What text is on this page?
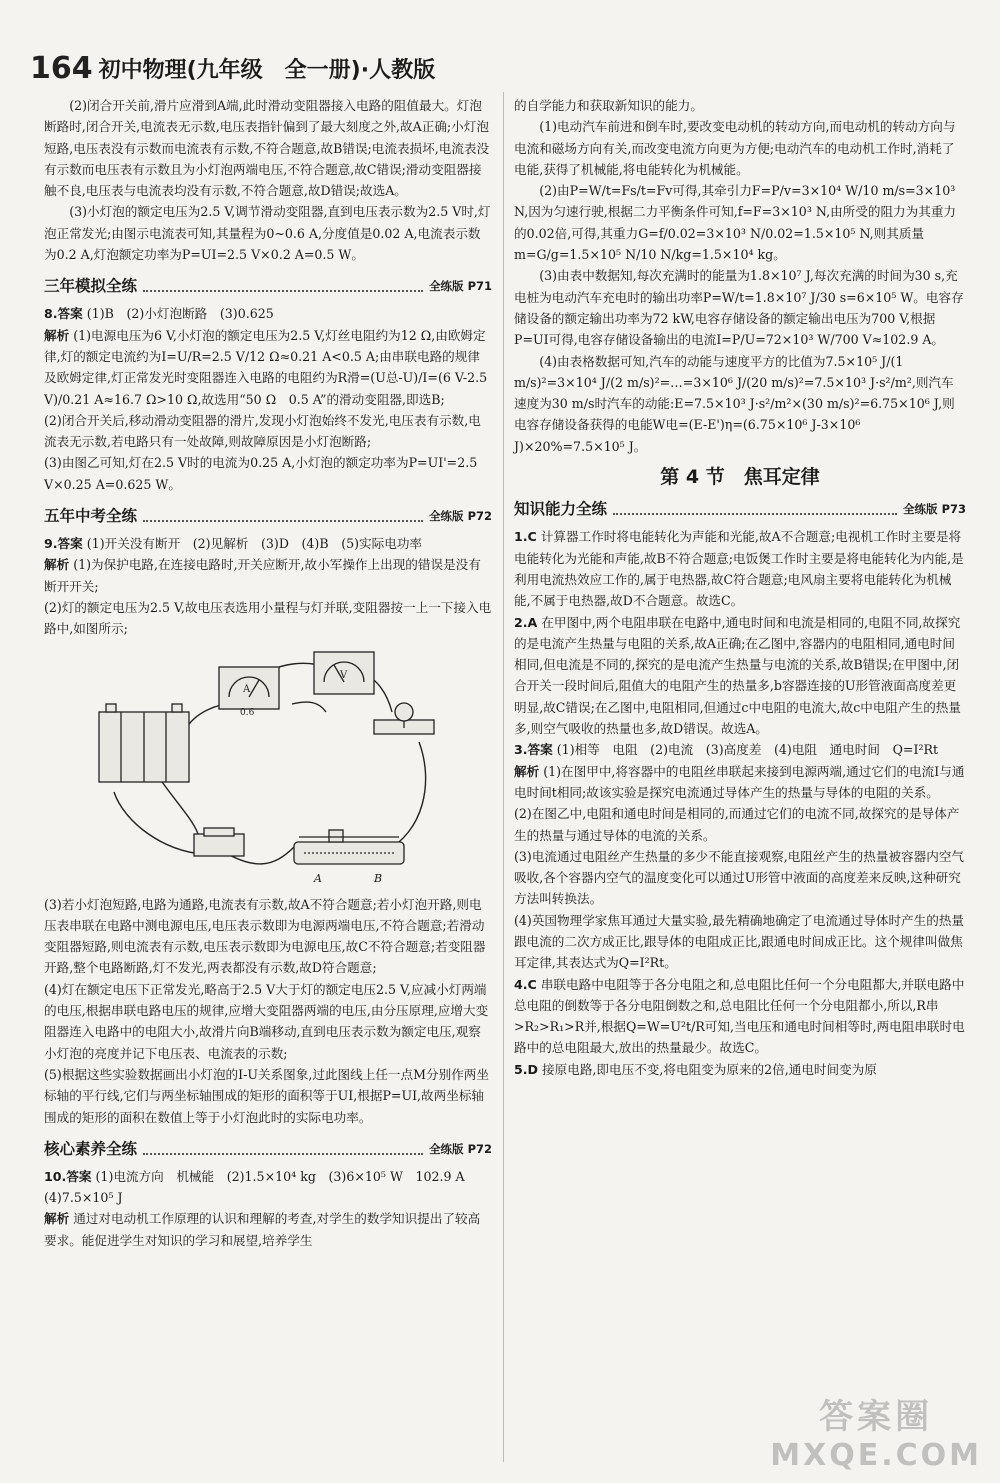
164 初中物理(九年级　全一册)·人教版

(2)闭合开关前,滑片应滑到A端,此时滑动变阻器接入电路的阻值最大。灯泡断路时,闭合开关,电流表无示数,电压表指针偏到了最大刻度之外,故A正确;小灯泡短路,电压表没有示数而电流表有示数,不符合题意,故B错误;电流表损坏,电流表没有示数而电压表有示数且为小灯泡两端电压,不符合题意,故C错误;滑动变阻器接触不良,电压表与电流表均没有示数,不符合题意,故D错误;故选A。

(3)小灯泡的额定电压为2.5 V,调节滑动变阻器,直到电压表示数为2.5 V时,灯泡正常发光;由图示电流表可知,其量程为0~0.6 A,分度值是0.02 A,电流表示数为0.2 A,灯泡额定功率为P=UI=2.5 V×0.2 A=0.5 W。

三年模拟全练	全练版 P71

8.答案 (1)B　(2)小灯泡断路　(3)0.625

解析 (1)电源电压为6 V,小灯泡的额定电压为2.5 V,灯丝电阻约为12 Ω,由欧姆定律,灯的额定电流约为I=U/R=2.5 V/12 Ω≈0.21 A<0.5 A;由串联电路的规律及欧姆定律,灯正常发光时变阻器连入电路的电阻约为R滑=(U总-U)/I=(6 V-2.5 V)/0.21 A≈16.7 Ω>10 Ω,故选用“50 Ω　0.5 A”的滑动变阻器,即选B;

(2)闭合开关后,移动滑动变阻器的滑片,发现小灯泡始终不发光,电压表有示数,电流表无示数,若电路只有一处故障,则故障原因是小灯泡断路;

(3)由图乙可知,灯在2.5 V时的电流为0.25 A,小灯泡的额定功率为P=UI'=2.5 V×0.25 A=0.625 W。

五年中考全练	全练版 P72

9.答案 (1)开关没有断开　(2)见解析　(3)D　(4)B　(5)实际电功率

解析 (1)为保护电路,在连接电路时,开关应断开,故小军操作上出现的错误是没有断开开关;

(2)灯的额定电压为2.5 V,故电压表选用小量程与灯并联,变阻器按一上一下接入电路中,如图所示;

A
0.6
V
A	B

(3)若小灯泡短路,电路为通路,电流表有示数,故A不符合题意;若小灯泡开路,则电压表串联在电路中测电源电压,电压表示数即为电源两端电压,不符合题意;若滑动变阻器短路,则电流表有示数,电压表示数即为电源电压,故C不符合题意;若变阻器开路,整个电路断路,灯不发光,两表都没有示数,故D符合题意;

(4)灯在额定电压下正常发光,略高于2.5 V大于灯的额定电压2.5 V,应减小灯两端的电压,根据串联电路电压的规律,应增大变阻器两端的电压,由分压原理,应增大变阻器连入电路中的电阻大小,故滑片向B端移动,直到电压表示数为额定电压,观察小灯泡的亮度并记下电压表、电流表的示数;

(5)根据这些实验数据画出小灯泡的I-U关系图象,过此图线上任一点M分别作两坐标轴的平行线,它们与两坐标轴围成的矩形的面积等于UI,根据P=UI,故两坐标轴围成的矩形的面积在数值上等于小灯泡此时的实际电功率。

核心素养全练	全练版 P72

10.答案 (1)电流方向　机械能　(2)1.5×10⁴ kg　(3)6×10⁵ W　102.9 A　(4)7.5×10⁵ J

解析 通过对电动机工作原理的认识和理解的考查,对学生的数学知识提出了较高要求。能促进学生对知识的学习和展望,培养学生

的自学能力和获取新知识的能力。

(1)电动汽车前进和倒车时,要改变电动机的转动方向,而电动机的转动方向与电流和磁场方向有关,而改变电流方向更为方便;电动汽车的电动机工作时,消耗了电能,获得了机械能,将电能转化为机械能。

(2)由P=W/t=Fs/t=Fv可得,其牵引力F=P/v=3×10⁴ W/10 m/s=3×10³ N,因为匀速行驶,根据二力平衡条件可知,f=F=3×10³ N,由所受的阻力为其重力的0.02倍,可得,其重力G=f/0.02=3×10³ N/0.02=1.5×10⁵ N,则其质量m=G/g=1.5×10⁵ N/10 N/kg=1.5×10⁴ kg。

(3)由表中数据知,每次充满时的能量为1.8×10⁷ J,每次充满的时间为30 s,充电桩为电动汽车充电时的输出功率P=W/t=1.8×10⁷ J/30 s=6×10⁵ W。电容存储设备的额定输出功率为72 kW,电容存储设备的额定输出电压为700 V,根据P=UI可得,电容存储设备输出的电流I=P/U=72×10³ W/700 V≈102.9 A。

(4)由表格数据可知,汽车的动能与速度平方的比值为7.5×10⁵ J/(1 m/s)²=3×10⁴ J/(2 m/s)²=…=3×10⁶ J/(20 m/s)²=7.5×10³ J·s²/m²,则汽车速度为30 m/s时汽车的动能:E=7.5×10³ J·s²/m²×(30 m/s)²=6.75×10⁶ J,则电容存储设备获得的电能W电=(E-E')η=(6.75×10⁶ J-3×10⁶ J)×20%=7.5×10⁵ J。

第 4 节　焦耳定律
知识能力全练	全练版 P73

1.C 计算器工作时将电能转化为声能和光能,故A不合题意;电视机工作时主要是将电能转化为光能和声能,故B不符合题意;电饭煲工作时主要是将电能转化为内能,是利用电流热效应工作的,属于电热器,故C符合题意;电风扇主要将电能转化为机械能,不属于电热器,故D不合题意。故选C。

2.A 在甲图中,两个电阻串联在电路中,通电时间和电流是相同的,电阻不同,故探究的是电流产生热量与电阻的关系,故A正确;在乙图中,容器内的电阻相同,通电时间相同,但电流是不同的,探究的是电流产生热量与电流的关系,故B错误;在甲图中,闭合开关一段时间后,阻值大的电阻产生的热量多,b容器连接的U形管液面高度差更明显,故C错误;在乙图中,电阻相同,但通过c中电阻的电流大,故c中电阻产生的热量多,则空气吸收的热量也多,故D错误。故选A。

3.答案 (1)相等　电阻　(2)电流　(3)高度差　(4)电阻　通电时间　Q=I²Rt

解析 (1)在图甲中,将容器中的电阻丝串联起来接到电源两端,通过它们的电流I与通电时间t相同;故该实验是探究电流通过导体产生的热量与导体的电阻的关系。

(2)在图乙中,电阻和通电时间是相同的,而通过它们的电流不同,故探究的是导体产生的热量与通过导体的电流的关系。

(3)电流通过电阻丝产生热量的多少不能直接观察,电阻丝产生的热量被容器内空气吸收,各个容器内空气的温度变化可以通过U形管中液面的高度差来反映,这种研究方法叫转换法。

(4)英国物理学家焦耳通过大量实验,最先精确地确定了电流通过导体时产生的热量跟电流的二次方成正比,跟导体的电阻成正比,跟通电时间成正比。这个规律叫做焦耳定律,其表达式为Q=I²Rt。

4.C 串联电路中电阻等于各分电阻之和,总电阻比任何一个分电阻都大,并联电路中总电阻的倒数等于各分电阻倒数之和,总电阻比任何一个分电阻都小,所以,R串>R₂>R₁>R并,根据Q=W=U²t/R可知,当电压和通电时间相等时,两电阻串联时电路中的总电阻最大,放出的热量最少。故选C。

5.D 接原电路,即电压不变,将电阻变为原来的2倍,通电时间变为原

答案圈
MXQE.COM
